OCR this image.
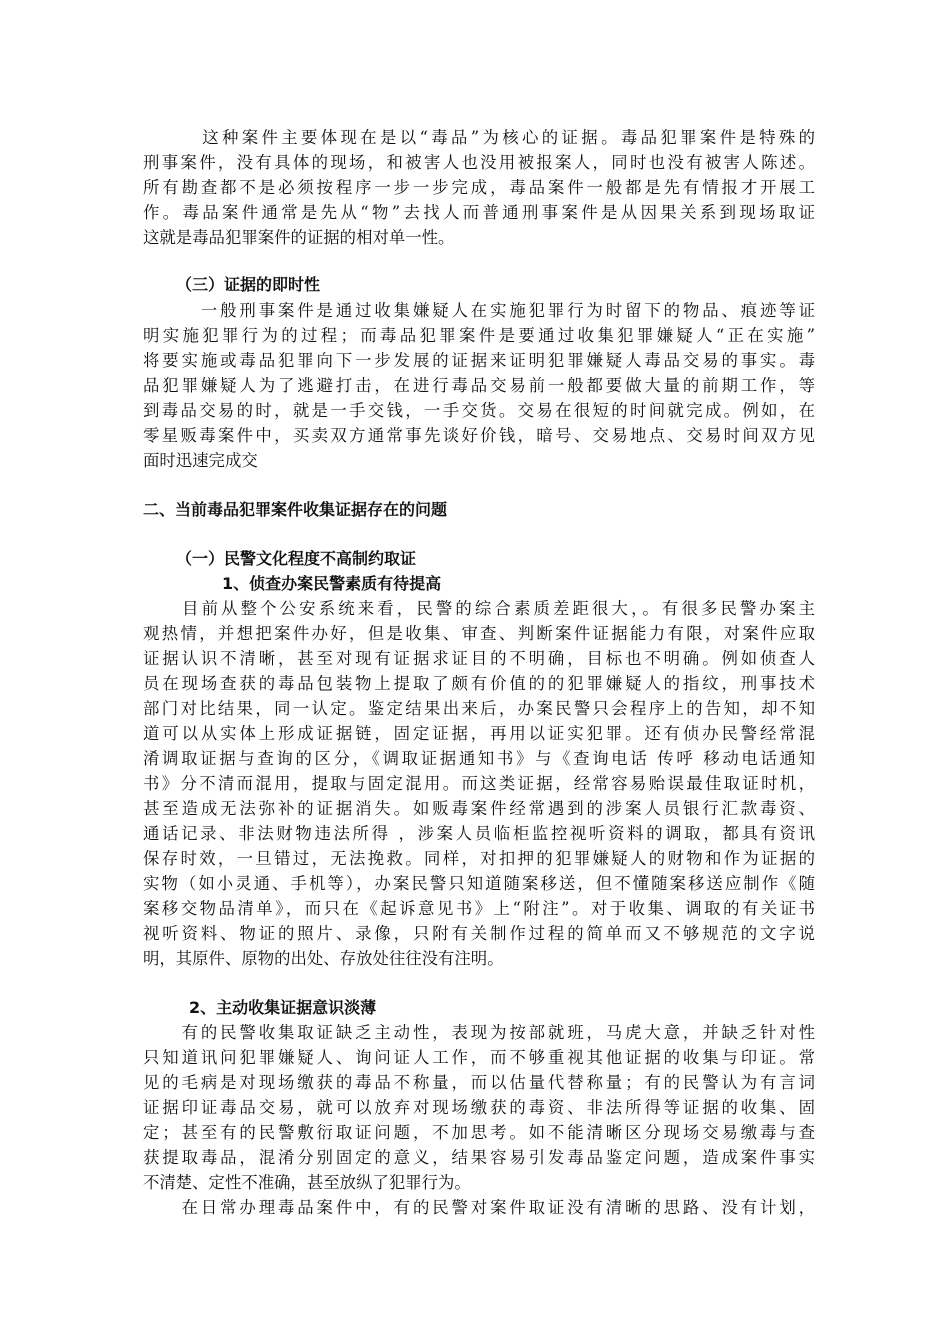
　　　这种案件主要体现在是以“毒品”为核心的证据。毒品犯罪案件是特殊的
刑事案件，没有具体的现场，和被害人也没用被报案人，同时也没有被害人陈述。
所有勘查都不是必须按程序一步一步完成，毒品案件一般都是先有情报才开展工
作。毒品案件通常是先从“物”去找人而普通刑事案件是从因果关系到现场取证
这就是毒品犯罪案件的证据的相对单一性。
（三）证据的即时性
　　　一般刑事案件是通过收集嫌疑人在实施犯罪行为时留下的物品、痕迹等证
明实施犯罪行为的过程；而毒品犯罪案件是要通过收集犯罪嫌疑人“正在实施”
将要实施或毒品犯罪向下一步发展的证据来证明犯罪嫌疑人毒品交易的事实。毒
品犯罪嫌疑人为了逃避打击，在进行毒品交易前一般都要做大量的前期工作，等
到毒品交易的时，就是一手交钱，一手交货。交易在很短的时间就完成。例如，在
零星贩毒案件中，买卖双方通常事先谈好价钱，暗号、交易地点、交易时间双方见
面时迅速完成交
二、当前毒品犯罪案件收集证据存在的问题
（一）民警文化程度不高制约取证
1、侦查办案民警素质有待提高
　　目前从整个公安系统来看，民警的综合素质差距很大，。有很多民警办案主
观热情，并想把案件办好，但是收集、审查、判断案件证据能力有限，对案件应取
证据认识不清晰，甚至对现有证据求证目的不明确，目标也不明确。例如侦查人
员在现场查获的毒品包装物上提取了颇有价值的的犯罪嫌疑人的指纹，刑事技术
部门对比结果，同一认定。鉴定结果出来后，办案民警只会程序上的告知，却不知
道可以从实体上形成证据链，固定证据，再用以证实犯罪。还有侦办民警经常混
淆调取证据与查询的区分，《调取证据通知书》与《查询电话 传呼 移动电话通知
书》分不清而混用，提取与固定混用。而这类证据，经常容易贻误最佳取证时机，
甚至造成无法弥补的证据消失。如贩毒案件经常遇到的涉案人员银行汇款毒资、
通话记录、非法财物违法所得 ，涉案人员临柜监控视听资料的调取，都具有资讯
保存时效，一旦错过，无法挽救。同样，对扣押的犯罪嫌疑人的财物和作为证据的
实物（如小灵通、手机等），办案民警只知道随案移送，但不懂随案移送应制作《随
案移交物品清单》，而只在《起诉意见书》上“附注”。对于收集、调取的有关证书
视听资料、物证的照片、录像，只附有关制作过程的简单而又不够规范的文字说
明，其原件、原物的出处、存放处往往没有注明。
2、主动收集证据意识淡薄
　　有的民警收集取证缺乏主动性，表现为按部就班，马虎大意，并缺乏针对性
只知道讯问犯罪嫌疑人、询问证人工作，而不够重视其他证据的收集与印证。常
见的毛病是对现场缴获的毒品不称量，而以估量代替称量；有的民警认为有言词
证据印证毒品交易，就可以放弃对现场缴获的毒资、非法所得等证据的收集、固
定；甚至有的民警敷衍取证问题，不加思考。如不能清晰区分现场交易缴毒与查
获提取毒品，混淆分别固定的意义，结果容易引发毒品鉴定问题，造成案件事实
不清楚、定性不准确，甚至放纵了犯罪行为。
　　在日常办理毒品案件中，有的民警对案件取证没有清晰的思路、没有计划，
